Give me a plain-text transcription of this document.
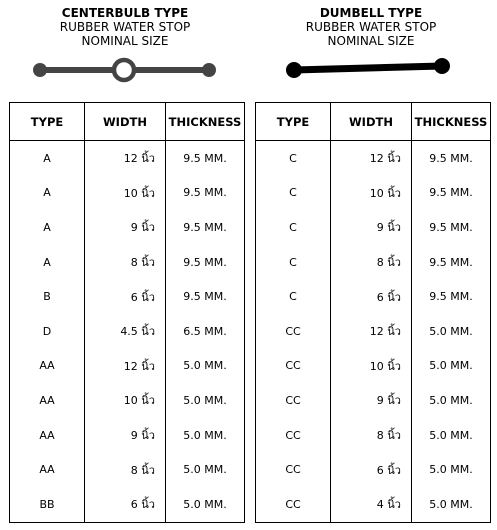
CENTERBULB TYPE
RUBBER WATER STOP
NOMINAL SIZE
TYPE	WIDTH	THICKNESS
A	12 นิ้ว	9.5 MM.
A	10 นิ้ว	9.5 MM.
A	9 นิ้ว	9.5 MM.
A	8 นิ้ว	9.5 MM.
B	6 นิ้ว	9.5 MM.
D	4.5 นิ้ว	6.5 MM.
AA	12 นิ้ว	5.0 MM.
AA	10 นิ้ว	5.0 MM.
AA	9 นิ้ว	5.0 MM.
AA	8 นิ้ว	5.0 MM.
BB	6 นิ้ว	5.0 MM.
DUMBELL TYPE
RUBBER WATER STOP
NOMINAL SIZE
TYPE	WIDTH	THICKNESS
C	12 นิ้ว	9.5 MM.
C	10 นิ้ว	9.5 MM.
C	9 นิ้ว	9.5 MM.
C	8 นิ้ว	9.5 MM.
C	6 นิ้ว	9.5 MM.
CC	12 นิ้ว	5.0 MM.
CC	10 นิ้ว	5.0 MM.
CC	9 นิ้ว	5.0 MM.
CC	8 นิ้ว	5.0 MM.
CC	6 นิ้ว	5.0 MM.
CC	4 นิ้ว	5.0 MM.
